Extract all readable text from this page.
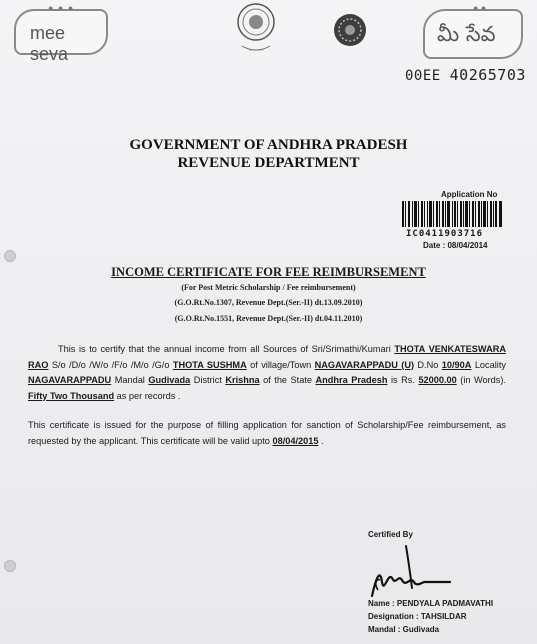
● ● ●
mee seva	~~~~~
● ●
మీ సేవ
00EE 40265703
GOVERNMENT OF ANDHRA PRADESH
REVENUE DEPARTMENT
Application No
IC0411903716
Date : 08/04/2014
INCOME CERTIFICATE FOR FEE REIMBURSEMENT
(For Post Metric Scholarship / Fee reimbursement)
(G.O.Rt.No.1307, Revenue Dept.(Ser.-II) dt.13.09.2010)
(G.O.Rt.No.1551, Revenue Dept.(Ser.-II) dt.04.11.2010)
This is to certify that the annual income from all Sources of Sri/Srimathi/Kumari THOTA VENKATESWARA RAO S/o /D/o /W/o /F/o /M/o /G/o THOTA SUSHMA of village/Town NAGAVARAPPADU (U) D.No 10/90A Locality NAGAVARAPPADU Mandal Gudivada District Krishna of the State Andhra Pradesh is Rs. 52000.00 (in Words). Fifty Two Thousand as per records .
This certificate is issued for the purpose of filling application for sanction of Scholarship/Fee reimbursement, as requested by the applicant. This certificate will be valid upto 08/04/2015 .
Certified By
Name : PENDYALA PADMAVATHI
Designation : TAHSILDAR
Mandal : Gudivada
